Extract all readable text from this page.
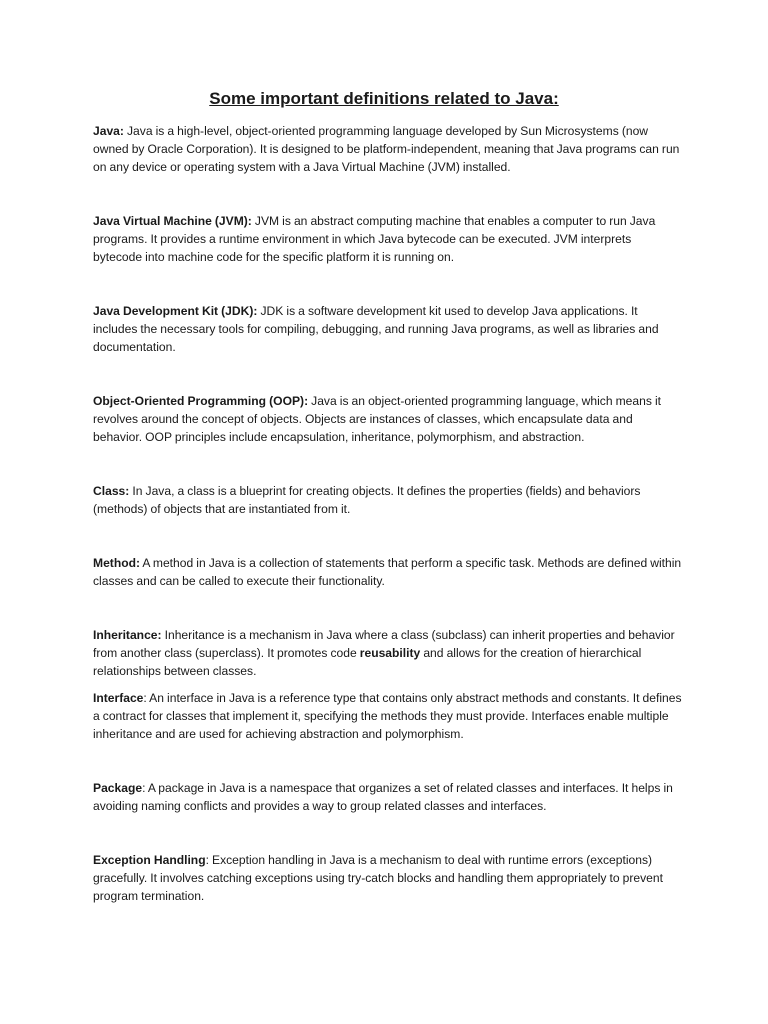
Some important definitions related to Java:

Java: Java is a high-level, object-oriented programming language developed by Sun Microsystems (now owned by Oracle Corporation). It is designed to be platform-independent, meaning that Java programs can run on any device or operating system with a Java Virtual Machine (JVM) installed.

Java Virtual Machine (JVM): JVM is an abstract computing machine that enables a computer to run Java programs. It provides a runtime environment in which Java bytecode can be executed. JVM interprets bytecode into machine code for the specific platform it is running on.

Java Development Kit (JDK): JDK is a software development kit used to develop Java applications. It includes the necessary tools for compiling, debugging, and running Java programs, as well as libraries and documentation.

Object-Oriented Programming (OOP): Java is an object-oriented programming language, which means it revolves around the concept of objects. Objects are instances of classes, which encapsulate data and behavior. OOP principles include encapsulation, inheritance, polymorphism, and abstraction.

Class: In Java, a class is a blueprint for creating objects. It defines the properties (fields) and behaviors (methods) of objects that are instantiated from it.

Method: A method in Java is a collection of statements that perform a specific task. Methods are defined within classes and can be called to execute their functionality.

Inheritance: Inheritance is a mechanism in Java where a class (subclass) can inherit properties and behavior from another class (superclass). It promotes code reusability and allows for the creation of hierarchical relationships between classes.

Interface: An interface in Java is a reference type that contains only abstract methods and constants. It defines a contract for classes that implement it, specifying the methods they must provide. Interfaces enable multiple inheritance and are used for achieving abstraction and polymorphism.

Package: A package in Java is a namespace that organizes a set of related classes and interfaces. It helps in avoiding naming conflicts and provides a way to group related classes and interfaces.

Exception Handling: Exception handling in Java is a mechanism to deal with runtime errors (exceptions) gracefully. It involves catching exceptions using try-catch blocks and handling them appropriately to prevent program termination.
